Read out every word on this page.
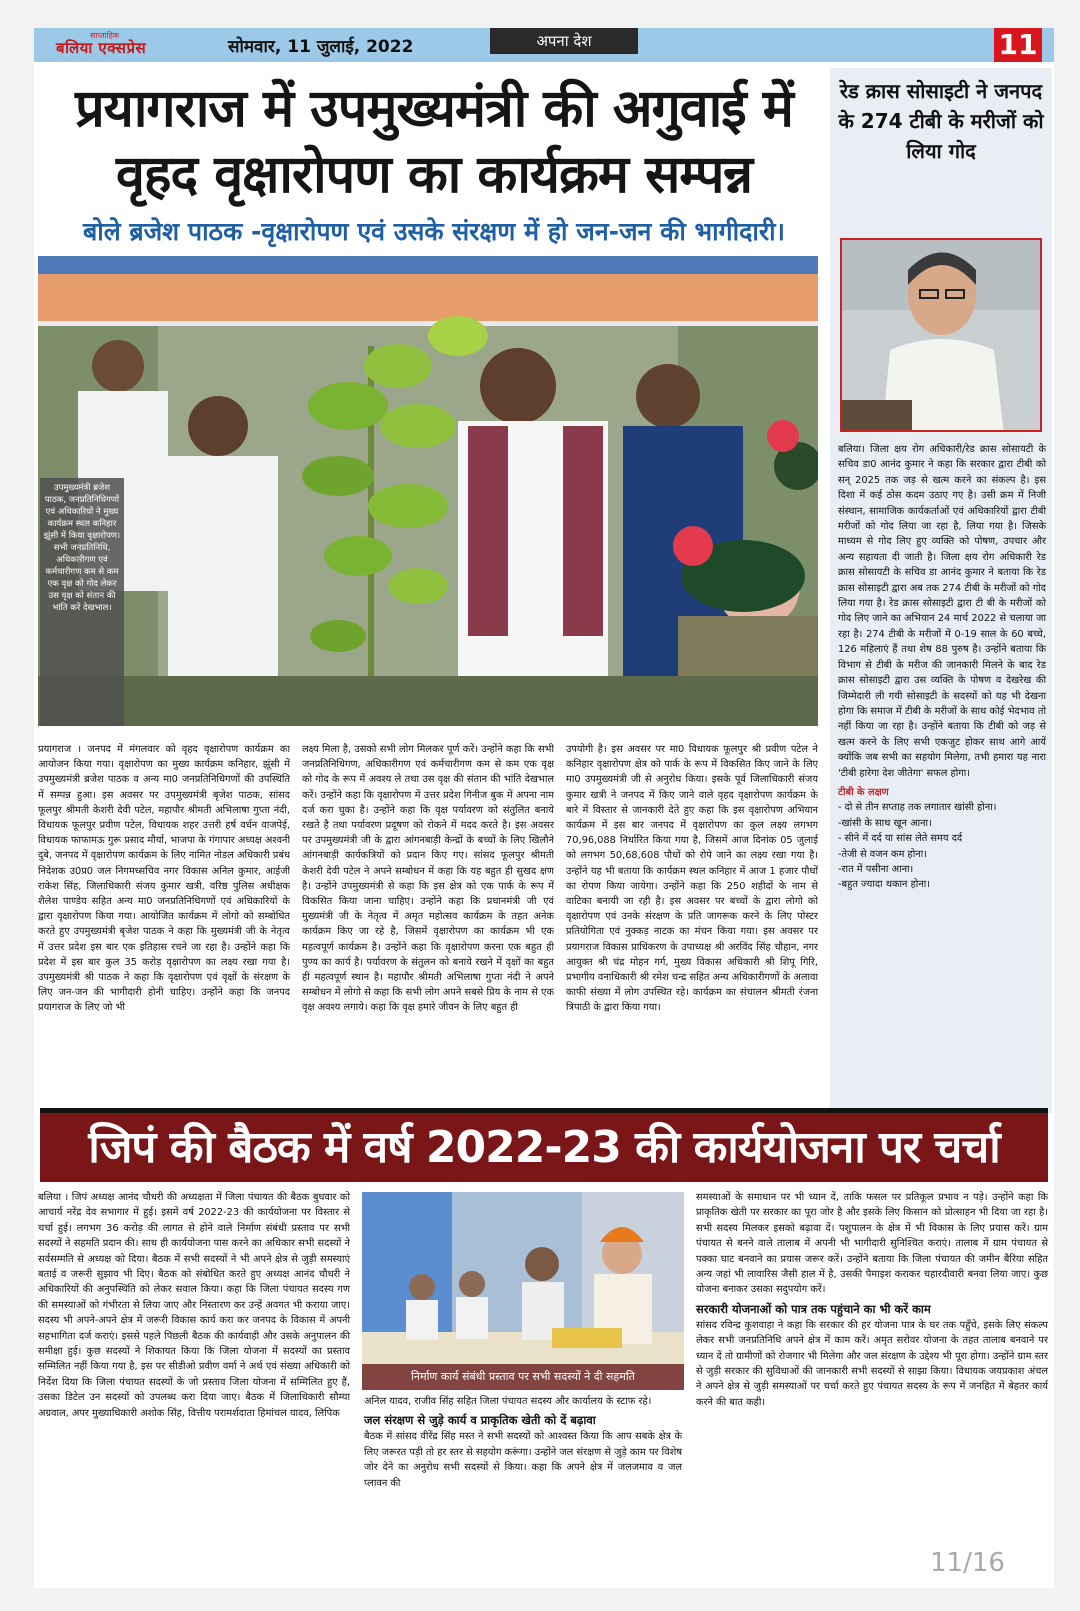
साप्ताहिक
बलिया एक्सप्रेस	सोमवार, 11 जुलाई, 2022	अपना देश	11
प्रयागराज में उपमुख्यमंत्री की अगुवाई में
वृहद वृक्षारोपण का कार्यक्रम सम्पन्न
बोले ब्रजेश पाठक -वृक्षारोपण एवं उसके संरक्षण में हो जन-जन की भागीदारी।
उपमुख्यमंत्री ब्रजेश पाठक, जनप्रतिनिधिगणों एवं अधिकारियों ने मुख्य कार्यक्रम स्थल कनिहार झूंसी में किया वृक्षारोपण। सभी जनप्रतिनिधि, अधिकारीगण एवं कर्मचारीगण कम से कम एक वृक्ष को गोद लेकर उस वृक्ष को संतान की भांति करें देखभाल।
प्रयागराज । जनपद में मंगलवार को वृहद वृक्षारोपण कार्यक्रम का आयोजन किया गया। वृक्षारोपण का मुख्य कार्यक्रम कनिहार, झूंसी में उपमुख्यमंत्री ब्रजेश पाठक व अन्य मा0 जनप्रतिनिधिगणों की उपस्थिति में सम्पन्न हुआ। इस अवसर पर उपमुख्यमंत्री बृजेश पाठक, सांसद फूलपुर श्रीमती केशरी देवी पटेल, महापौर श्रीमती अभिलाषा गुप्ता नंदी, विधायक फूलपुर प्रवीण पटेल, विधायक शहर उत्तरी हर्ष वर्धन वाजपेई, विधायक फाफामऊ गुरू प्रसाद मौर्या, भाजपा के गंगापार अध्यक्ष अश्वनी दुबे, जनपद में वृक्षारोपण कार्यक्रम के लिए नामित नोडल अधिकारी प्रबंध निदेशक उ0प्र0 जल निगमध्सचिव नगर विकास अनिल कुमार, आईजी राकेश सिंह, जिलाधिकारी संजय कुमार खत्री, वरिष्ठ पुलिस अधीक्षक शैलेश पाण्डेय सहित अन्य मा0 जनप्रतिनिधिगणों एवं अधिकारियों के द्वारा वृक्षारोपण किया गया। आयोजित कार्यक्रम में लोगो को सम्बोधित करते हुए उपमुख्यमंत्री बृजेश पाठक ने कहा कि मुख्यमंत्री जी के नेतृत्व में उत्तर प्रदेश इस बार एक इतिहास रचने जा रहा है। उन्होंने कहा कि प्रदेश में इस बार कुल 35 करोड़ वृक्षारोपण का लक्ष्य रखा गया है। उपमुख्यमंत्री श्री पाठक ने कहा कि वृक्षारोपण एवं वृक्षों के संरक्षण के लिए जन-जन की भागीदारी होनी चाहिए। उन्होंने कहा कि जनपद प्रयागराज के लिए जो भी
लक्ष्य मिला है, उसको सभी लोग मिलकर पूर्ण करें। उन्होंने कहा कि सभी जनप्रतिनिधिगण, अधिकारीगण एवं कर्मचारीगण कम से कम एक वृक्ष को गोद के रूप में अवश्य ले तथा उस वृक्ष की संतान की भांति देखभाल करें। उन्होंने कहा कि वृक्षारोपण में उत्तर प्रदेश गिनीज बुक में अपना नाम दर्ज करा चुका है। उन्होंने कहा कि वृक्ष पर्यावरण को संतुलित बनाये रखते है तथा पर्यावरण प्रदूषण को रोकने में मदद करते है। इस अवसर पर उपमुख्यमंत्री जी के द्वारा आंगनबाड़ी केन्द्रों के बच्चों के लिए खिलौने आंगनबाड़ी कार्यकत्रियों को प्रदान किए गए। सांसद फूलपुर श्रीमती केशरी देवी पटेल ने अपने सम्बोधन में कहा कि यह बहुत ही सुखद क्षण है। उन्होंने उपमुख्यमंत्री से कहा कि इस क्षेत्र को एक पार्क के रूप में विकसित किया जाना चाहिए। उन्होंने कहा कि प्रधानमंत्री जी एवं मुख्यमंत्री जी के नेतृत्व में अमृत महोत्सव कार्यक्रम के तहत अनेक कार्यक्रम किए जा रहे है, जिसमें वृक्षारोपण का कार्यक्रम भी एक महत्वपूर्ण कार्यक्रम है। उन्होंने कहा कि वृक्षारोपण करना एक बहुत ही पुण्य का कार्य है। पर्यावरण के संतुलन को बनाये रखने में वृक्षों का बहुत ही महत्वपूर्ण स्थान है। महापौर श्रीमती अभिलाषा गुप्ता नंदी ने अपने सम्बोधन में लोगो से कहा कि सभी लोग अपने सबसे प्रिय के नाम से एक वृक्ष अवश्य लगाये। कहा कि वृक्ष हमारे जीवन के लिए बहुत ही
उपयोगी है। इस अवसर पर मा0 विधायक फूलपुर श्री प्रवीण पटेल ने कनिहार वृक्षारोपण क्षेत्र को पार्क के रूप में विकसित किए जाने के लिए मा0 उपमुख्यमंत्री जी से अनुरोध किया। इसके पूर्व जिलाधिकारी संजय कुमार खत्री ने जनपद में किए जाने वाले वृहद वृक्षारोपण कार्यक्रम के बारे में विस्तार से जानकारी देते हुए कहा कि इस वृक्षारोपण अभियान कार्यक्रम में इस बार जनपद में वृक्षारोपण का कुल लक्ष्य लगभग 70,96,088 निर्धारित किया गया है, जिसमें आज दिनांक 05 जुलाई को लगभग 50,68,608 पौधों को रोपे जाने का लक्ष्य रखा गया है। उन्होंने यह भी बताया कि कार्यक्रम स्थल कनिहार में आज 1 हजार पौधों का रोपण किया जायेगा। उन्होंने कहा कि 250 शहीदों के नाम से वाटिका बनायी जा रही है। इस अवसर पर बच्चों के द्वारा लोगो को वृक्षारोपण एवं उनके संरक्षण के प्रति जागरूक करने के लिए पोस्टर प्रतियोगिता एवं नुक्कड़ नाटक का मंचन किया गया। इस अवसर पर प्रयागराज विकास प्राधिकरण के उपाध्यक्ष श्री अरविंद सिंह चौहान, नगर आयुक्त श्री चंद्र मोहन गर्ग, मुख्य विकास अधिकारी श्री शिपू गिरि, प्रभागीय वनाधिकारी श्री रमेश चन्द्र सहित अन्य अधिकारीगणों के अलावा काफी संख्या में लोग उपस्थित रहे। कार्यक्रम का संचालन श्रीमती रंजना त्रिपाठी के द्वारा किया गया।
रेड क्रास सोसाइटी ने जनपद के 274 टीबी के मरीजों को लिया गोद
बलिया। जिला क्षय रोग अधिकारी/रेड क्रास सोसायटी के सचिव डा0 आनंद कुमार ने कहा कि सरकार द्वारा टीबी को सन् 2025 तक जड़ से खत्म करने का संकल्प है। इस दिशा में कई ठोस कदम उठाए गए है। उसी क्रम में निजी संस्थान, सामाजिक कार्यकर्ताओं एवं अधिकारियों द्वारा टीबी मरीजों को गोद लिया जा रहा है, लिया गया है। जिसके माध्यम से गोद लिए हुए व्यक्ति को पोषण, उपचार और अन्य सहायता दी जाती है। जिला क्षय रोग अधिकारी रेड क्रास सोसायटी के सचिव डा आनंद कुमार ने बताया कि रेड क्रास सोसाइटी द्वारा अब तक 274 टीबी के मरीजों को गोद लिया गया है। रेड क्रास सोसाइटी द्वारा टी बी के मरीजों को गोद लिए जाने का अभियान 24 मार्च 2022 से चलाया जा रहा है। 274 टीबी के मरीजों में 0-19 साल के 60 बच्चे, 126 महिलाएं हैं तथा शेष 88 पुरुष है। उन्होंने बताया कि विभाग से टीबी के मरीज की जानकारी मिलने के बाद रेड क्रास सोसाइटी द्वारा उस व्यक्ति के पोषण व देखरेख की जिम्मेदारी ली गयी सोसाइटी के सदस्यों को यह भी देखना होगा कि समाज में टीबी के मरीजों के साथ कोई भेदभाव तो नहीं किया जा रहा है। उन्होंने बताया कि टीबी को जड़ से खत्म करने के लिए सभी एकजुट होकर साथ आगे आयें क्योंकि जब सभी का सहयोग मिलेगा, तभी हमारा यह नारा 'टीबी हारेगा देश जीतेगा' सफल होगा।
टीबी के लक्षण
- दो से तीन सप्ताह तक लगातार खांसी होना।
-खांसी के साथ खून आना।
- सीने में दर्द या सांस लेते समय दर्द
-तेजी से वजन कम होना।
-रात में पसीना आना।
-बहुत ज्यादा थकान होना।
जिपं की बैठक में वर्ष 2022-23 की कार्ययोजना पर चर्चा
बलिया । जिपं अध्यक्ष आनंद चौधरी की अध्यक्षता में जिला पंचायत की बैठक बुधवार को आचार्य नरेंद्र देव सभागार में हुई। इसमें वर्ष 2022-23 की कार्ययोजना पर विस्तार से चर्चा हुई। लगभग 36 करोड़ की लागत से होने वाले निर्माण संबंधी प्रस्ताव पर सभी सदस्यों ने सहमति प्रदान की। साथ ही कार्ययोजना पास करने का अधिकार सभी सदस्यों ने सर्वसम्मति से अध्यक्ष को दिया। बैठक में सभी सदस्यों ने भी अपने क्षेत्र से जुड़ी समस्याएं बताई व जरूरी सुझाव भी दिए। बैठक को संबोधित करते हुए अध्यक्ष आनंद चौधरी ने अधिकारियों की अनुपस्थिति को लेकर सवाल किया। कहा कि जिला पंचायत सदस्य गण की समस्याओं को गंभीरता से लिया जाए और निस्तारण कर उन्हें अवगत भी कराया जाए। सदस्य भी अपने-अपने क्षेत्र में जरूरी विकास कार्य करा कर जनपद के विकास में अपनी सहभागिता दर्ज कराएं। इससे पहले पिछली बैठक की कार्यवाही और उसके अनुपालन की समीक्षा हुई। कुछ सदस्यों ने शिकायत किया कि जिला योजना में सदस्यों का प्रस्ताव सम्मिलित नहीं किया गया है, इस पर सीडीओ प्रवीण वर्मा ने अर्थ एवं संख्या अधिकारी को निर्देश दिया कि जिला पंचायत सदस्यों के जो प्रस्ताव जिला योजना में सम्मिलित हुए हैं, उसका डिटेल उन सदस्यों को उपलब्ध करा दिया जाए। बैठक में जिलाधिकारी सौम्या अग्रवाल, अपर मुख्याधिकारी अशोक सिंह, वित्तीय परामर्शदाता हिमांचल यादव, लिपिक
निर्माण कार्य संबंधी प्रस्ताव पर सभी सदस्यों ने दी सहमति
अनिल यादव, राजीव सिंह सहित जिला पंचायत सदस्य और कार्यालय के स्टाफ रहे।
जल संरक्षण से जुड़े कार्य व प्राकृतिक खेती को दें बढ़ावा
बैठक में सांसद वीरेंद्र सिंह मस्त ने सभी सदस्यों को आश्वस्त किया कि आप सबके क्षेत्र के लिए जरूरत पड़ी तो हर स्तर से सहयोग करूंगा। उन्होंने जल संरक्षण से जुड़े काम पर विशेष जोर देने का अनुरोध सभी सदस्यों से किया। कहा कि अपने क्षेत्र में जलजमाव व जल प्लावन की
समस्याओं के समाधान पर भी ध्यान दें, ताकि फसल पर प्रतिकूल प्रभाव न पड़े। उन्होंने कहा कि प्राकृतिक खेती पर सरकार का पूरा जोर है और इसके लिए किसान को प्रोत्साहन भी दिया जा रहा है। सभी सदस्य मिलकर इसको बढ़ावा दें। पशुपालन के क्षेत्र में भी विकास के लिए प्रयास करें। ग्राम पंचायत से बनने वाले तालाब में अपनी भी भागीदारी सुनिश्चित कराएं। तालाब में ग्राम पंचायत से पक्का घाट बनवाने का प्रयास जरूर करें। उन्होंने बताया कि जिला पंचायत की जमीन बैरिया सहित अन्य जहां भी लावारिस जैसी हाल में है, उसकी पैमाइश कराकर चहारदीवारी बनवा लिया जाए। कुछ योजना बनाकर उसका सदुपयोग करें।
सरकारी योजनाओं को पात्र तक पहुंचाने का भी करें काम
सांसद रविन्द्र कुशवाहा ने कहा कि सरकार की हर योजना पात्र के घर तक पहुँचे, इसके लिए संकल्प लेकर सभी जनप्रतिनिधि अपने क्षेत्र में काम करें। अमृत सरोवर योजना के तहत तालाब बनवाने पर ध्यान दें तो ग्रामीणों को रोजगार भी मिलेगा और जल संरक्षण के उद्देश्य भी पूरा होगा। उन्होंने ग्राम स्तर से जुड़ी सरकार की सुविधाओं की जानकारी सभी सदस्यों से साझा किया। विधायक जयप्रकाश अंचल ने अपने क्षेत्र से जुड़ी समस्याओं पर चर्चा करते हुए पंचायत सदस्य के रूप में जनहित में बेहतर कार्य करने की बात कही।
11/16
